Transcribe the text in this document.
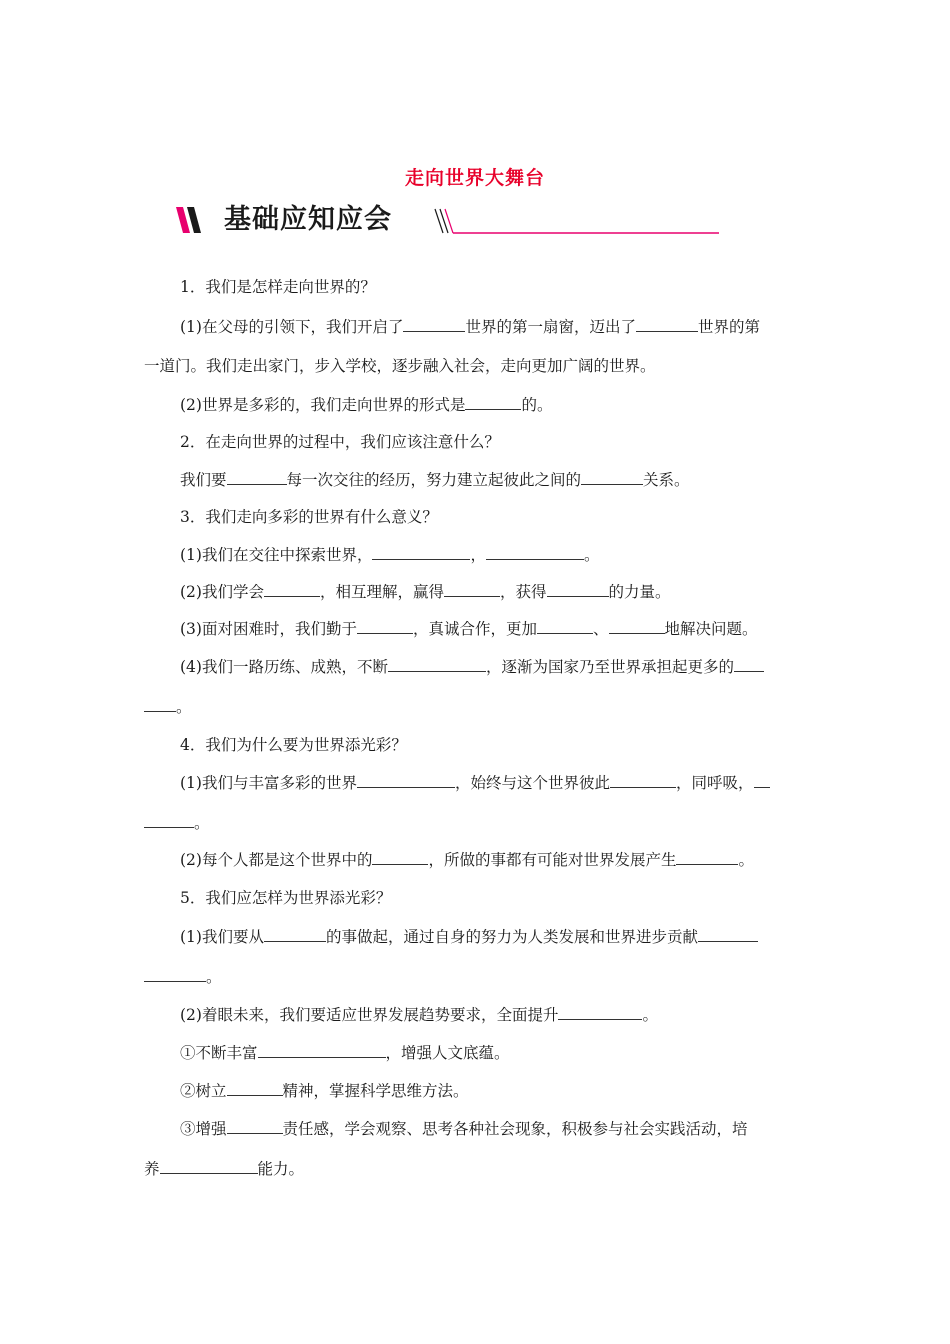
走向世界大舞台
基础应知应会
1．我们是怎样走向世界的？
(1)在父母的引领下，我们开启了	世界的第一扇窗，迈出了	世界的第
一道门。我们走出家门，步入学校，逐步融入社会，走向更加广阔的世界。
(2)世界是多彩的，我们走向世界的形式是	的。
2．在走向世界的过程中，我们应该注意什么？
我们要	每一次交往的经历，努力建立起彼此之间的	关系。
3．我们走向多彩的世界有什么意义？
(1)我们在交往中探索世界，	，	。
(2)我们学会	，相互理解，赢得	，获得	的力量。
(3)面对困难时，我们勤于	，真诚合作，更加	、	地解决问题。
(4)我们一路历练、成熟，不断	，逐渐为国家乃至世界承担起更多的
。
4．我们为什么要为世界添光彩？
(1)我们与丰富多彩的世界	，始终与这个世界彼此	，同呼吸，
。
(2)每个人都是这个世界中的	，所做的事都有可能对世界发展产生	。
5．我们应怎样为世界添光彩？
(1)我们要从	的事做起，通过自身的努力为人类发展和世界进步贡献
。
(2)着眼未来，我们要适应世界发展趋势要求，全面提升	。
①不断丰富	，增强人文底蕴。
②树立	精神，掌握科学思维方法。
③增强	责任感，学会观察、思考各种社会现象，积极参与社会实践活动，培
养	能力。
